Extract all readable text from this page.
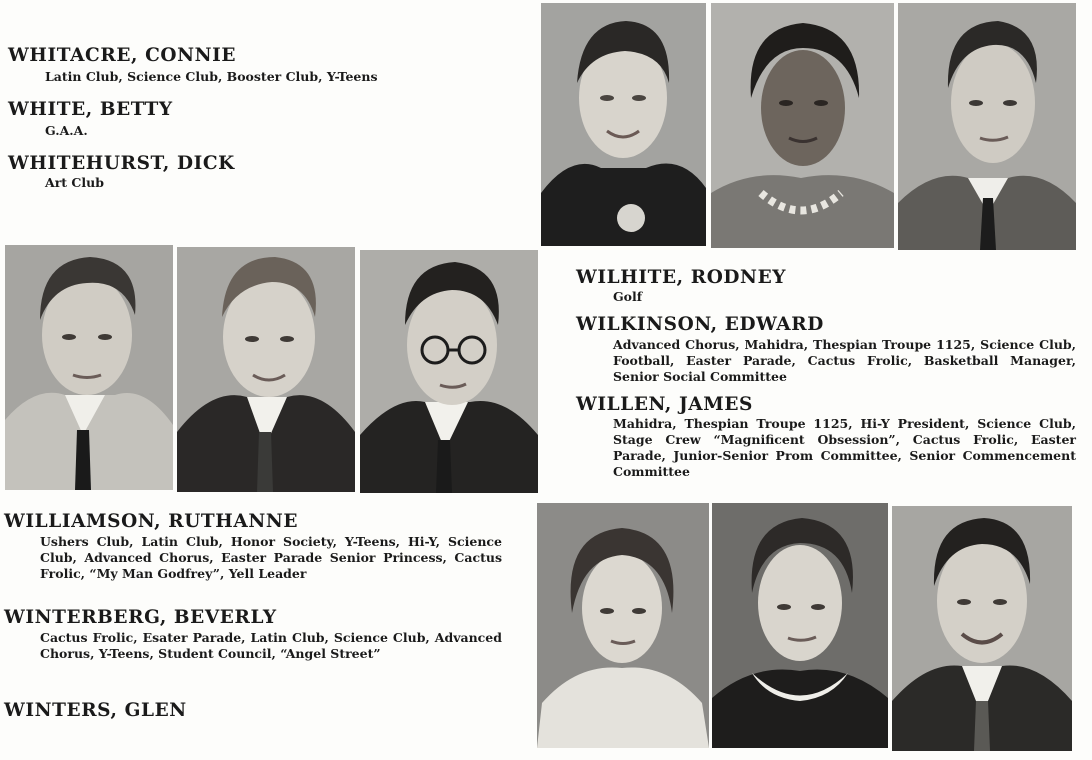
WHITACRE, CONNIE
Latin Club, Science Club, Booster Club, Y-Teens
WHITE, BETTY
G.A.A.
WHITEHURST, DICK
Art Club
WILHITE, RODNEY
Golf
WILKINSON, EDWARD
Advanced Chorus, Mahidra, Thespian Troupe 1125, Science Club, Football, Easter Parade, Cactus Frolic, Basketball Manager, Senior Social Committee
WILLEN, JAMES
Mahidra, Thespian Troupe 1125, Hi-Y President, Science Club, Stage Crew “Magnificent Obsession”, Cactus Frolic, Easter Parade, Junior-Senior Prom Committee, Senior Commencement Committee
WILLIAMSON, RUTHANNE
Ushers Club, Latin Club, Honor Society, Y-Teens, Hi-Y, Science Club, Advanced Chorus, Easter Parade Senior Princess, Cactus Frolic, “My Man Godfrey”, Yell Leader
WINTERBERG, BEVERLY
Cactus Frolic, Esater Parade, Latin Club, Science Club, Advanced Chorus, Y-Teens, Student Council, “Angel Street”
WINTERS, GLEN
